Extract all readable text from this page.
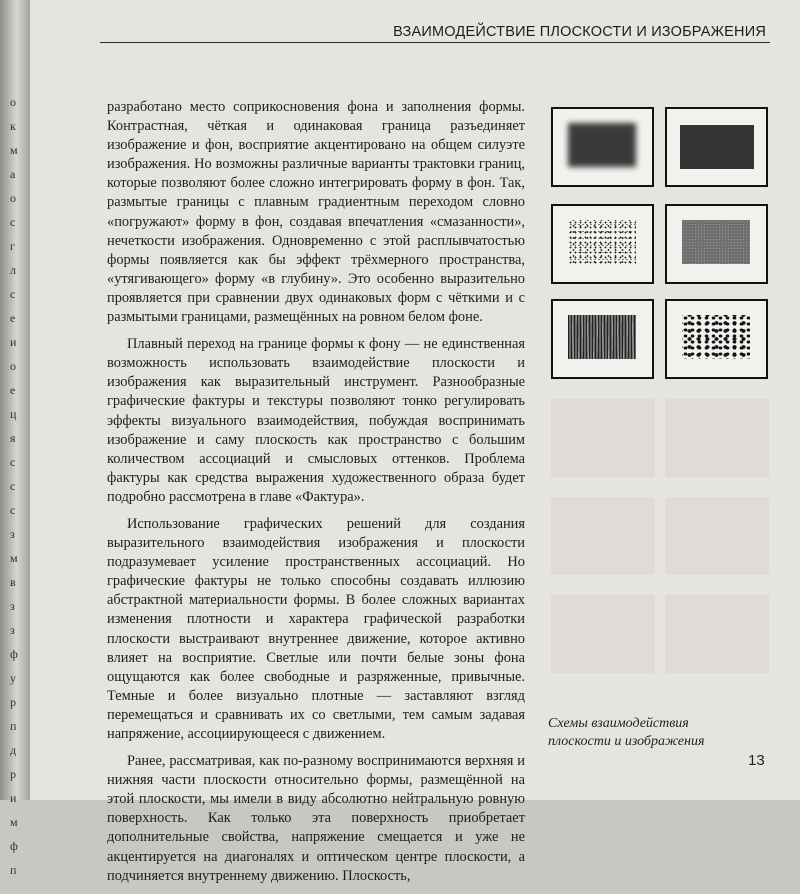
о
к
м
а
о
с
г
л
с
е
и
о
е
ц
я
с
с
с
з
м
в
з
з
ф
у
р
п
д
р
и
м
ф
п
ВЗАИМОДЕЙСТВИЕ ПЛОСКОСТИ И ИЗОБРАЖЕНИЯ

разработано место соприкосновения фона и заполнения формы. Контрастная, чёткая и одинаковая граница разъединяет изображение и фон, восприятие акцентировано на общем силуэте изображения. Но возможны различные варианты трактовки границ, которые позволяют более сложно интегрировать форму в фон. Так, размытые границы с плавным градиентным переходом словно «погружают» форму в фон, создавая впечатления «смазанности», нечеткости изображения. Одновременно с этой расплывчатостью формы появляется как бы эффект трёхмерного пространства, «утягивающего» форму «в глубину». Это особенно выразительно проявляется при сравнении двух одинаковых форм с чёткими и с размытыми границами, размещённых на ровном белом фоне.

Плавный переход на границе формы к фону — не единственная возможность использовать взаимодействие плоскости и изображения как выразительный инструмент. Разнообразные графические фактуры и текстуры позволяют тонко регулировать эффекты визуального взаимодействия, побуждая воспринимать изображение и саму плоскость как пространство с большим количеством ассоциаций и смысловых оттенков. Проблема фактуры как средства выражения художественного образа будет подробно рассмотрена в главе «Фактура».

Использование графических решений для создания выразительного взаимодействия изображения и плоскости подразумевает усиление пространственных ассоциаций. Но графические фактуры не только способны создавать иллюзию абстрактной материальности формы. В более сложных вариантах изменения плотности и характера графической разработки плоскости выстраивают внутреннее движение, которое активно влияет на восприятие. Светлые или почти белые зоны фона ощущаются как более свободные и разряженные, привычные. Темные и более визуально плотные — заставляют взгляд перемещаться и сравнивать их со светлыми, тем самым задавая напряжение, ассоциирующееся с движением.

Ранее, рассматривая, как по-разному воспринимаются верхняя и нижняя части плоскости относительно формы, размещённой на этой плоскости, мы имели в виду абсолютно нейтральную ровную поверхность. Как только эта поверхность приобретает дополнительные свойства, напряжение смещается и уже не акцентируется на диагоналях и оптическом центре плоскости, а подчиняется внутреннему движению. Плоскость,

Схемы взаимодействия
плоскости и изображения
13
